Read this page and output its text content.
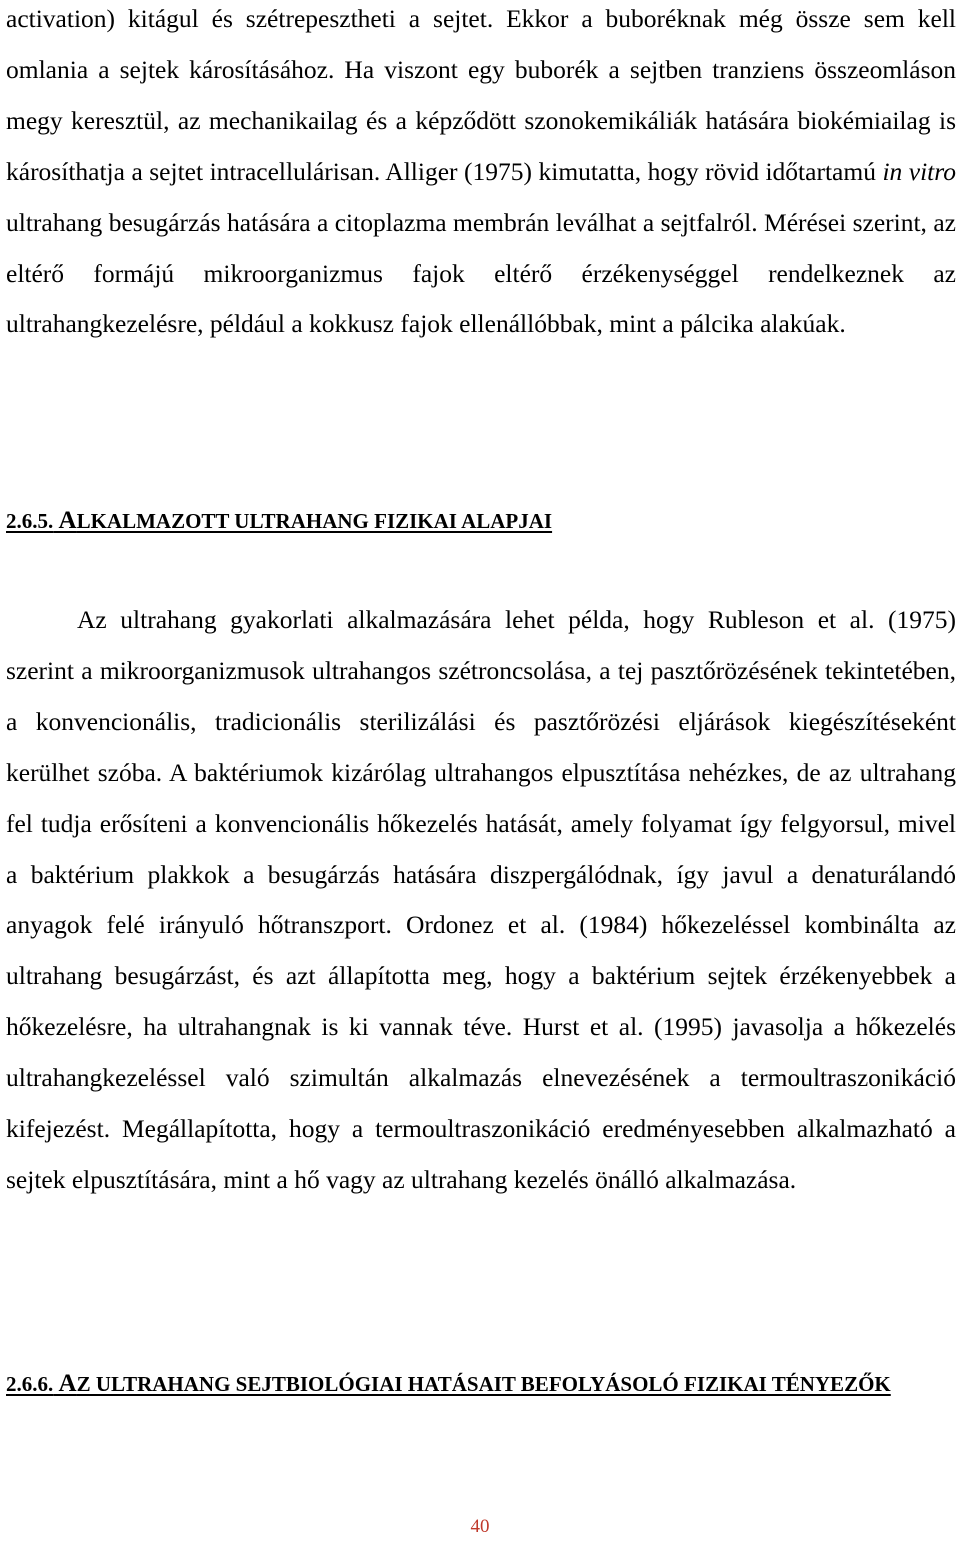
activation) kitágul és szétrepesztheti a sejtet. Ekkor a buboréknak még össze sem kell omlania a sejtek károsításához. Ha viszont egy buborék a sejtben tranziens összeomláson megy keresztül, az mechanikailag és a képződött szonokemikáliák hatására biokémiailag is károsíthatja a sejtet intracellulárisan. Alliger (1975) kimutatta, hogy rövid időtartamú in vitro ultrahang besugárzás hatására a citoplazma membrán leválhat a sejtfalról. Mérései szerint, az eltérő formájú mikroorganizmus fajok eltérő érzékenységgel rendelkeznek az ultrahangkezelésre, például a kokkusz fajok ellenállóbbak, mint a pálcika alakúak.

2.6.5. ALKALMAZOTT ULTRAHANG FIZIKAI ALAPJAI

Az ultrahang gyakorlati alkalmazására lehet példa, hogy Rubleson et al. (1975) szerint a mikroorganizmusok ultrahangos szétroncsolása, a tej pasztőrözésének tekintetében, a konvencionális, tradicionális sterilizálási és pasztőrözési eljárások kiegészítéseként kerülhet szóba. A baktériumok kizárólag ultrahangos elpusztítása nehézkes, de az ultrahang fel tudja erősíteni a konvencionális hőkezelés hatását, amely folyamat így felgyorsul, mivel a baktérium plakkok a besugárzás hatására diszpergálódnak, így javul a denaturálandó anyagok felé irányuló hőtranszport. Ordonez et al. (1984) hőkezeléssel kombinálta az ultrahang besugárzást, és azt állapította meg, hogy a baktérium sejtek érzékenyebbek a hőkezelésre, ha ultrahangnak is ki vannak téve. Hurst et al. (1995) javasolja a hőkezelés ultrahangkezeléssel való szimultán alkalmazás elnevezésének a termoultraszonikáció kifejezést. Megállapította, hogy a termoultraszonikáció eredményesebben alkalmazható a sejtek elpusztítására, mint a hő vagy az ultrahang kezelés önálló alkalmazása.

2.6.6. AZ ULTRAHANG SEJTBIOLÓGIAI HATÁSAIT BEFOLYÁSOLÓ FIZIKAI TÉNYEZŐK
40
